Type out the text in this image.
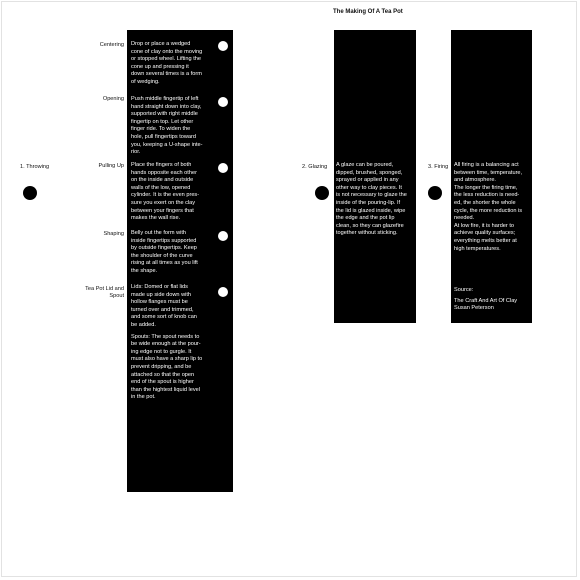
The Making Of A Tea Pot
1. Throwing
Centering
Opening
Pulling Up
Shaping
Tea Pot Lid and
Spout

Drop or place a wedged
cone of clay onto the moving
or stopped wheel. Lifting the
cone up and pressing it
down several times is a form
of wedging.

Push middle fingertip of left
hand straight down into clay,
supported with right middle
fingertip on top. Let other
finger ride. To widen the
hole, pull fingertips toward
you, keeping a U-shape inte-
rior.

Place the fingers of both
hands opposite each other
on the inside and outside
walls of the low, opened
cylinder. It is the even pres-
sure you exert on the clay
between your fingers that
makes the wall rise.

Belly out the form with
inside fingertips supported
by outside fingertips. Keep
the shoulder of the curve
rising at all times as you lift
the shape.

Lids: Domed or flat lids
made up side down with
hollow flanges must be
turned over and trimmed,
and some sort of knob can
be added.

Spouts: The spout needs to
be wide enough at the pour-
ing edge not to gurgle. It
must also have a sharp lip to
prevent dripping, and be
attached so that the open
end of the spout is higher
than the hightest liquid level
in the pot.

2. Glazing A glaze can be poured,
dipped, brushed, sponged,
sprayed or applied in any
other way to clay pieces. It
is not necessary to glaze the
inside of the pouring-lip. If
the lid is glazed inside, wipe
the edge and the pot lip
clean, so they can glazefire
together without sticking.

3. Firing All firing is a balancing act
between time, temperature,
and atmosphere.
The longer the firing time,
the less reduction is need-
ed, the shorter the whole
cycle, the more reduction is
needed.
At low fire, it is harder to
achieve quality surfaces;
everything melts better at
high temperatures.

Source:
The Craft And Art Of Clay
Susan Peterson
